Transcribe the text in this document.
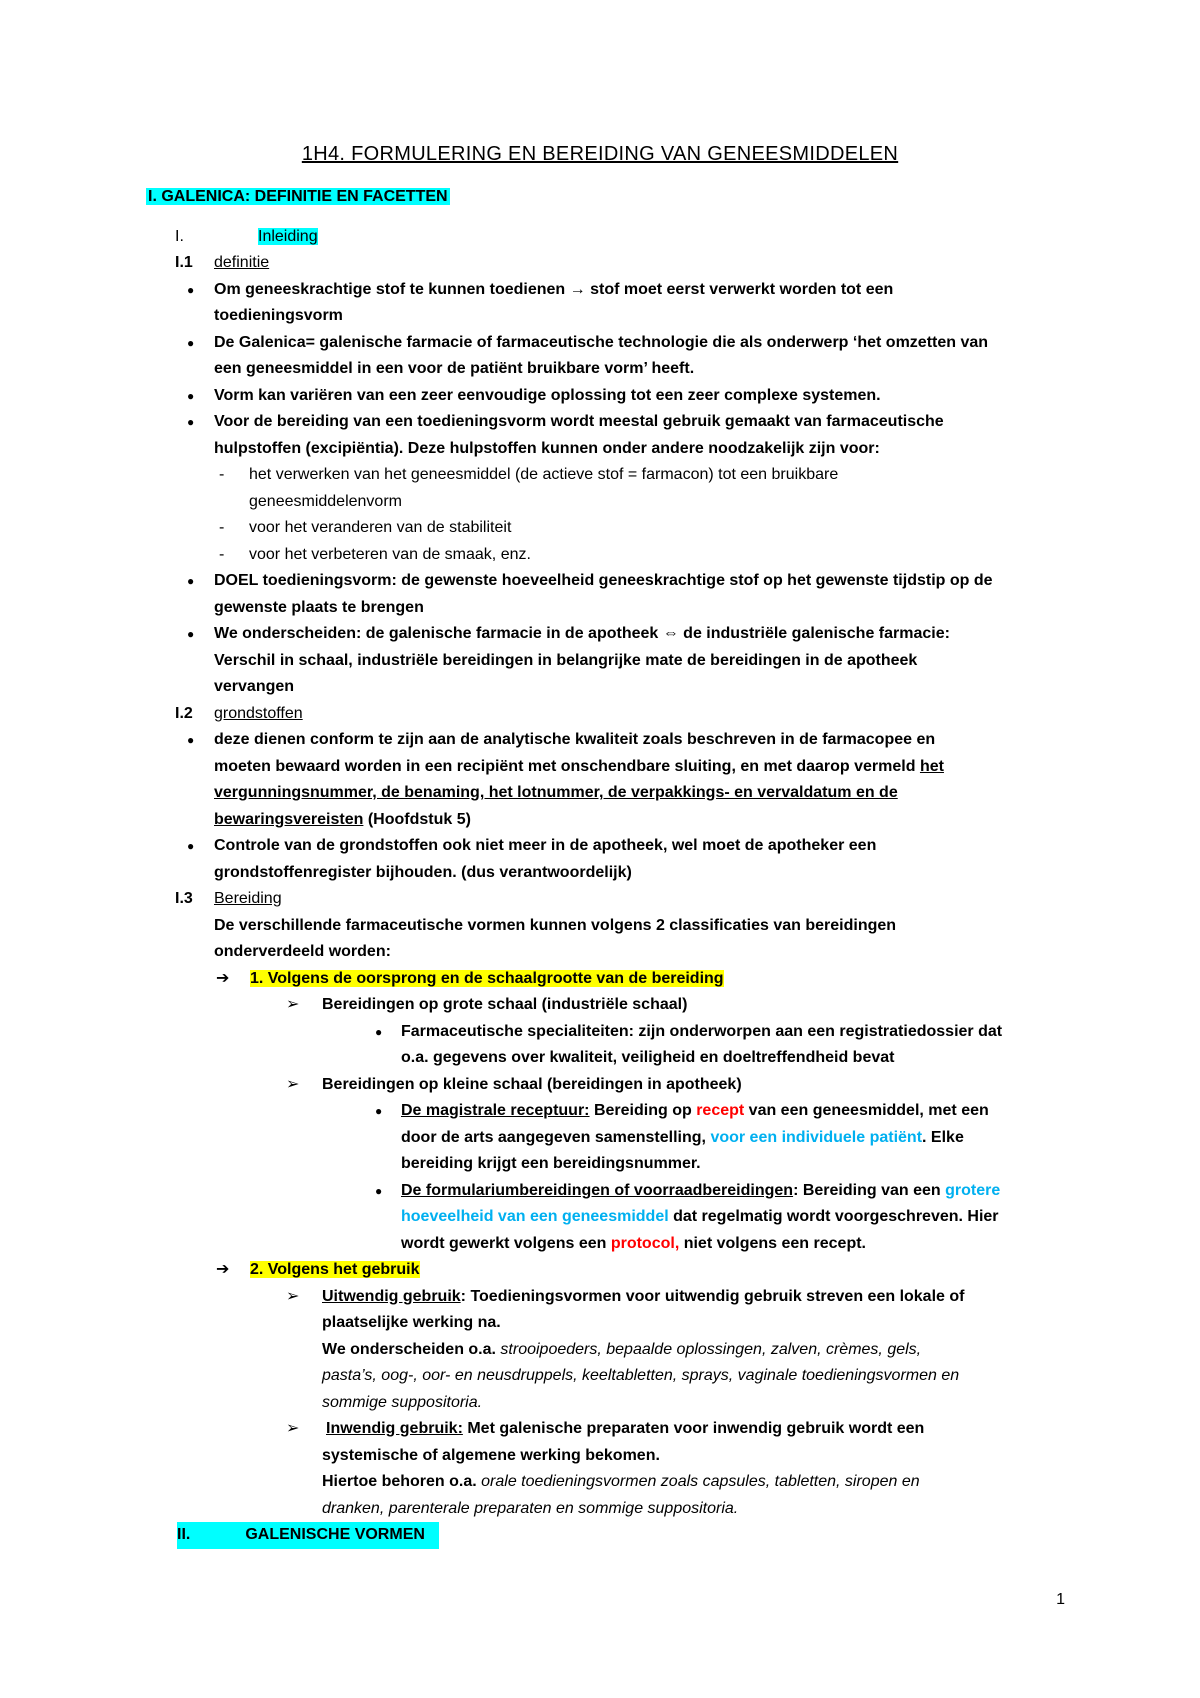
1H4. FORMULERING EN BEREIDING VAN GENEESMIDDELEN
I. GALENICA: DEFINITIE EN FACETTEN
I.	Inleiding
I.1 definitie
● Om geneeskrachtige stof te kunnen toedienen → stof moet eerst verwerkt worden tot een
toedieningsvorm
● De Galenica= galenische farmacie of farmaceutische technologie die als onderwerp ‘het omzetten van
een geneesmiddel in een voor de patiënt bruikbare vorm’ heeft.
● Vorm kan variëren van een zeer eenvoudige oplossing tot een zeer complexe systemen.
● Voor de bereiding van een toedieningsvorm wordt meestal gebruik gemaakt van farmaceutische
hulpstoffen (excipiëntia). Deze hulpstoffen kunnen onder andere noodzakelijk zijn voor:
- het verwerken van het geneesmiddel (de actieve stof = farmacon) tot een bruikbare
geneesmiddelenvorm
- voor het veranderen van de stabiliteit
- voor het verbeteren van de smaak, enz.
● DOEL toedieningsvorm: de gewenste hoeveelheid geneeskrachtige stof op het gewenste tijdstip op de
gewenste plaats te brengen
● We onderscheiden: de galenische farmacie in de apotheek ⇔ de industriële galenische farmacie:
Verschil in schaal, industriële bereidingen in belangrijke mate de bereidingen in de apotheek
vervangen
I.2 grondstoffen
● deze dienen conform te zijn aan de analytische kwaliteit zoals beschreven in de farmacopee en
moeten bewaard worden in een recipiënt met onschendbare sluiting, en met daarop vermeld het
vergunningsnummer, de benaming, het lotnummer, de verpakkings- en vervaldatum en de
bewaringsvereisten (Hoofdstuk 5)
● Controle van de grondstoffen ook niet meer in de apotheek, wel moet de apotheker een
grondstoffenregister bijhouden. (dus verantwoordelijk)
I.3 Bereiding
De verschillende farmaceutische vormen kunnen volgens 2 classificaties van bereidingen
onderverdeeld worden:
➔ 1. Volgens de oorsprong en de schaalgrootte van de bereiding
➢ Bereidingen op grote schaal (industriële schaal)
● Farmaceutische specialiteiten: zijn onderworpen aan een registratiedossier dat
o.a. gegevens over kwaliteit, veiligheid en doeltreffendheid bevat
➢ Bereidingen op kleine schaal (bereidingen in apotheek)
● De magistrale receptuur: Bereiding op recept van een geneesmiddel, met een
door de arts aangegeven samenstelling, voor een individuele patiënt. Elke
bereiding krijgt een bereidingsnummer.
● De formulariumbereidingen of voorraadbereidingen: Bereiding van een grotere
hoeveelheid van een geneesmiddel dat regelmatig wordt voorgeschreven. Hier
wordt gewerkt volgens een protocol, niet volgens een recept.
➔ 2. Volgens het gebruik
➢ Uitwendig gebruik: Toedieningsvormen voor uitwendig gebruik streven een lokale of
plaatselijke werking na.
We onderscheiden o.a. strooipoeders, bepaalde oplossingen, zalven, crèmes, gels,
pasta’s, oog-, oor- en neusdruppels, keeltabletten, sprays, vaginale toedieningsvormen en
sommige suppositoria.
➢ Inwendig gebruik: Met galenische preparaten voor inwendig gebruik wordt een
systemische of algemene werking bekomen.
Hiertoe behoren o.a. orale toedieningsvormen zoals capsules, tabletten, siropen en
dranken, parenterale preparaten en sommige suppositoria.
II.	GALENISCHE VORMEN
1
